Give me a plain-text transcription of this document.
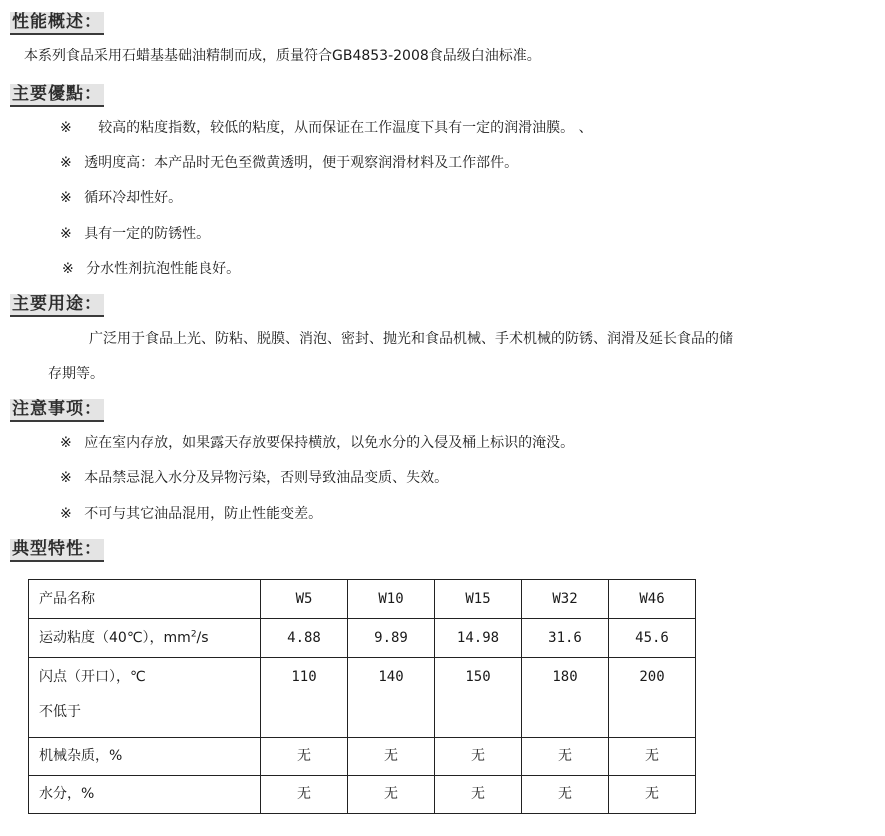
性能概述：
本系列食品采用石蜡基基础油精制而成，质量符合GB4853-2008食品级白油标准。
主要優點：
※ 较高的粘度指数，较低的粘度，从而保证在工作温度下具有一定的润滑油膜。 、
※ 透明度高：本产品时无色至微黄透明，便于观察润滑材料及工作部件。
※ 循环冷却性好。
※ 具有一定的防锈性。
※ 分水性剂抗泡性能良好。
主要用途：
广泛用于食品上光、防粘、脱膜、消泡、密封、抛光和食品机械、手术机械的防锈、润滑及延长食品的储
存期等。
注意事项：
※ 应在室内存放，如果露天存放要保持横放，以免水分的入侵及桶上标识的淹没。
※ 本品禁忌混入水分及异物污染，否则导致油品变质、失效。
※ 不可与其它油品混用，防止性能变差。
典型特性：
产品名称	W5	W10	W15	W32	W46
运动粘度（40℃），$mm^2/s$	4.88	9.89	14.98	31.6	45.6

闪点（开口），℃
不低于	110	140	150	180	200
机械杂质，%	无	无	无	无	无
水分，%	无	无	无	无	无
